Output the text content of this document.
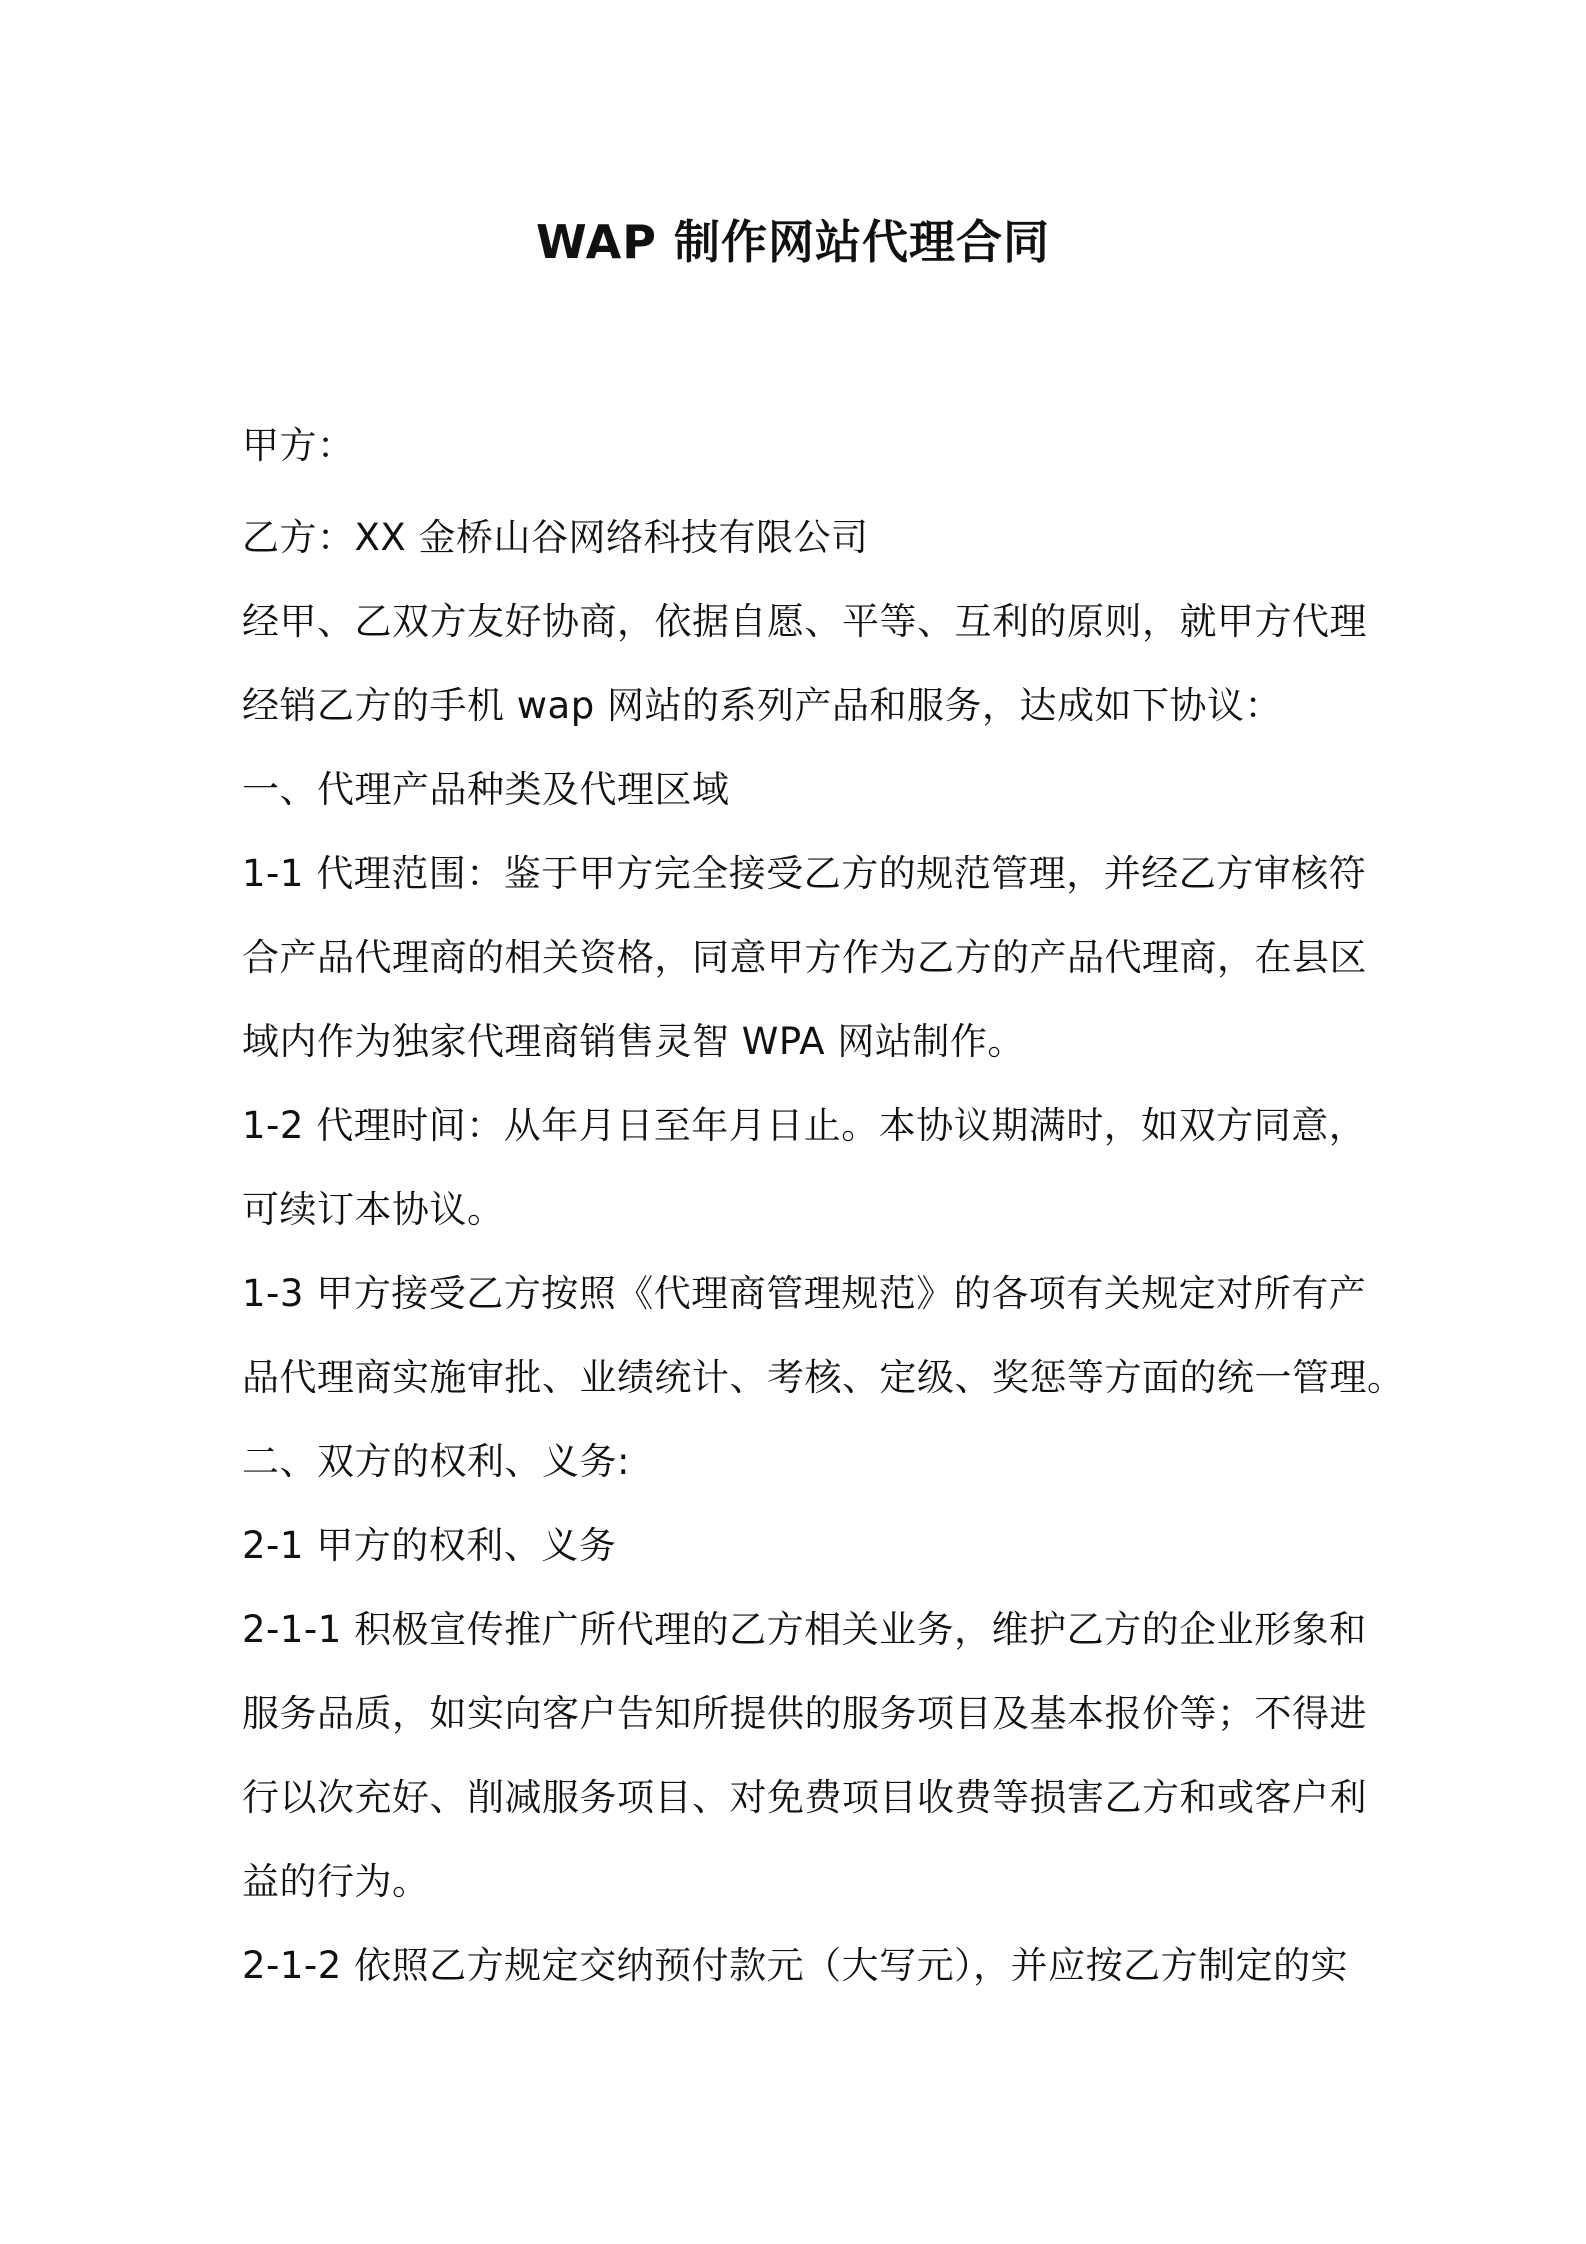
WAP 制作网站代理合同
甲方：
乙方：XX 金桥山谷网络科技有限公司
经甲、乙双方友好协商，依据自愿、平等、互利的原则，就甲方代理
经销乙方的手机 wap 网站的系列产品和服务，达成如下协议：
一、代理产品种类及代理区域
1-1 代理范围：鉴于甲方完全接受乙方的规范管理，并经乙方审核符
合产品代理商的相关资格，同意甲方作为乙方的产品代理商，在县区
域内作为独家代理商销售灵智 WPA 网站制作。
1-2 代理时间：从年月日至年月日止。本协议期满时，如双方同意，
可续订本协议。
1-3 甲方接受乙方按照《代理商管理规范》的各项有关规定对所有产
品代理商实施审批、业绩统计、考核、定级、奖惩等方面的统一管理。
二、双方的权利、义务:
2-1 甲方的权利、义务
2-1-1 积极宣传推广所代理的乙方相关业务，维护乙方的企业形象和
服务品质，如实向客户告知所提供的服务项目及基本报价等；不得进
行以次充好、削减服务项目、对免费项目收费等损害乙方和或客户利
益的行为。
2-1-2 依照乙方规定交纳预付款元（大写元），并应按乙方制定的实
